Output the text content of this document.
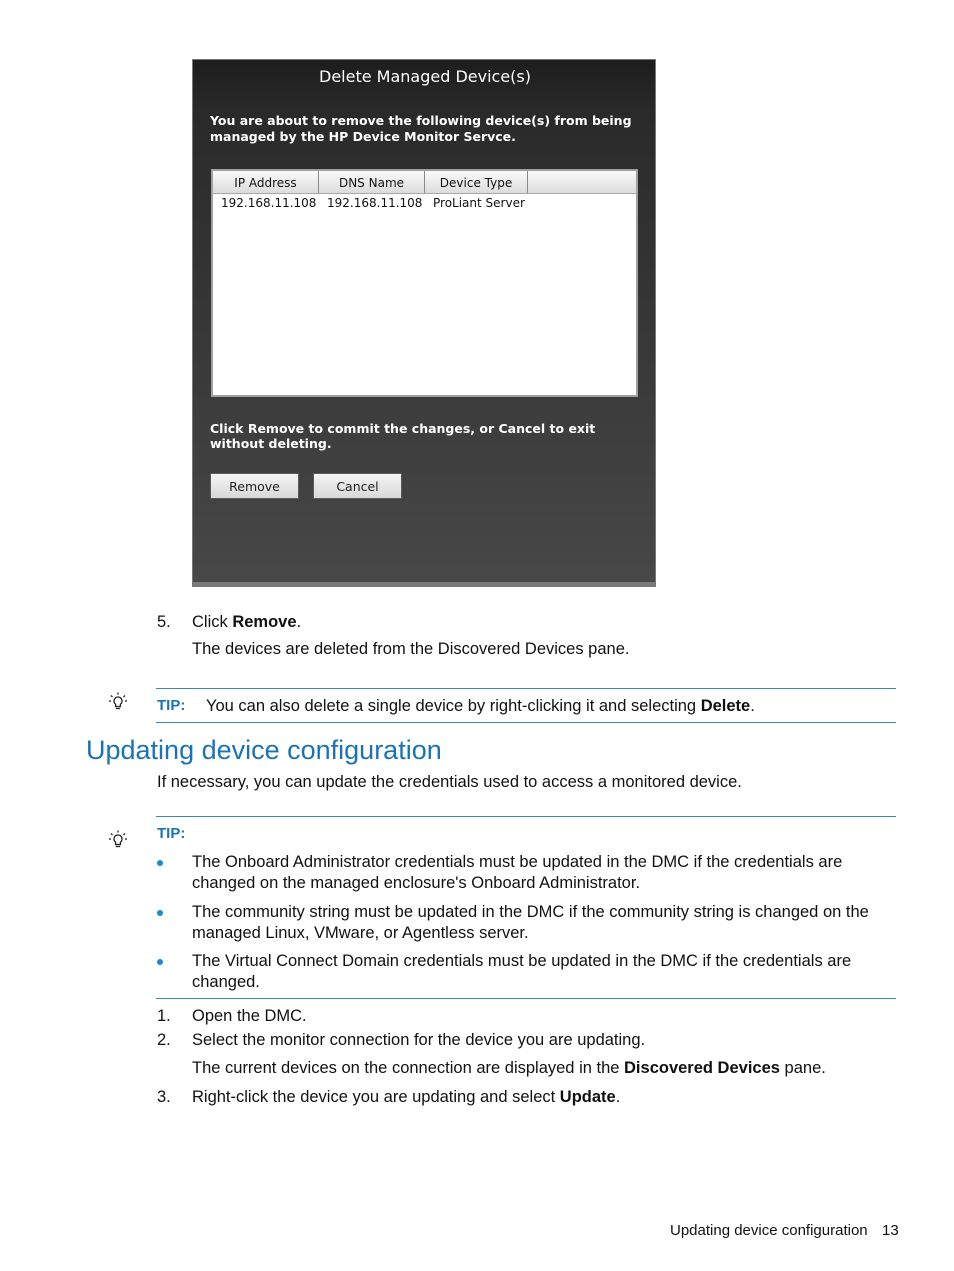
Delete Managed Device(s)
You are about to remove the following device(s) from being managed by the HP Device Monitor Servce.
IP Address	DNS Name	Device Type
192.168.11.108 192.168.11.108 ProLiant Server
Click Remove to commit the changes, or Cancel to exit without deleting.
Remove	Cancel
5. Click Remove.
The devices are deleted from the Discovered Devices pane.
TIP: You can also delete a single device by right-clicking it and selecting Delete.
Updating device configuration
If necessary, you can update the credentials used to access a monitored device.
TIP:
The Onboard Administrator credentials must be updated in the DMC if the credentials are changed on the managed enclosure's Onboard Administrator.
The community string must be updated in the DMC if the community string is changed on the managed Linux, VMware, or Agentless server.
The Virtual Connect Domain credentials must be updated in the DMC if the credentials are changed.
1. Open the DMC.
2. Select the monitor connection for the device you are updating.
The current devices on the connection are displayed in the Discovered Devices pane.
3. Right-click the device you are updating and select Update.
Updating device configuration 13
